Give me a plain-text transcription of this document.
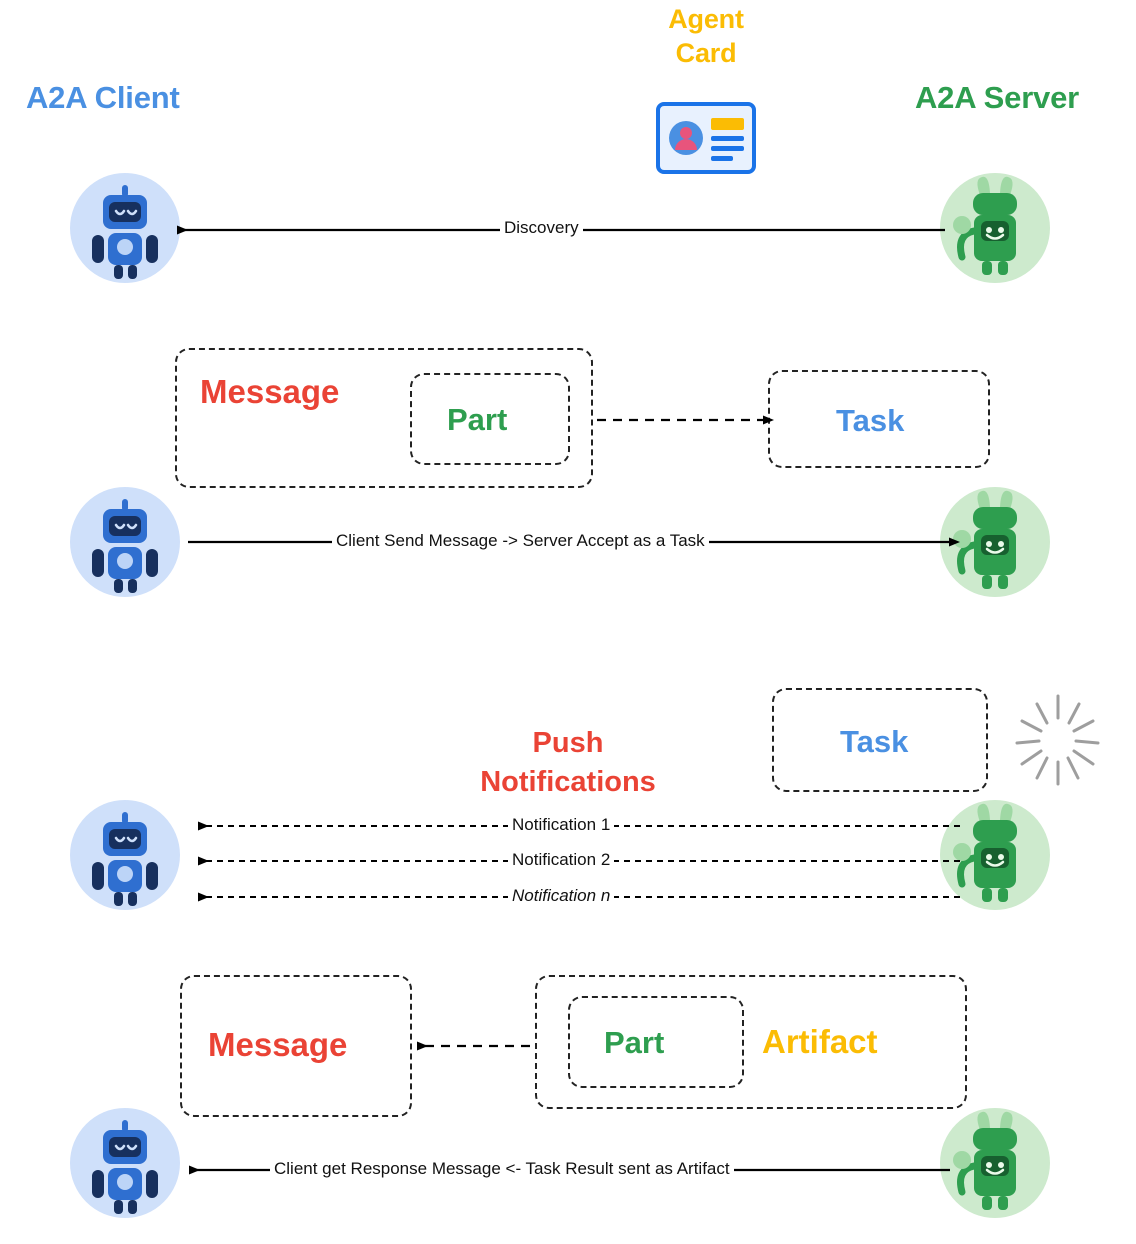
A2A Client	A2A Server
Agent
Card
Message
Part	Task
Push
Notifications
Task
Message	Part	Artifact
Discovery
Client Send Message -> Server Accept as a Task
Notification 1
Notification 2
Notification n
Client get Response Message <- Task Result sent as Artifact
